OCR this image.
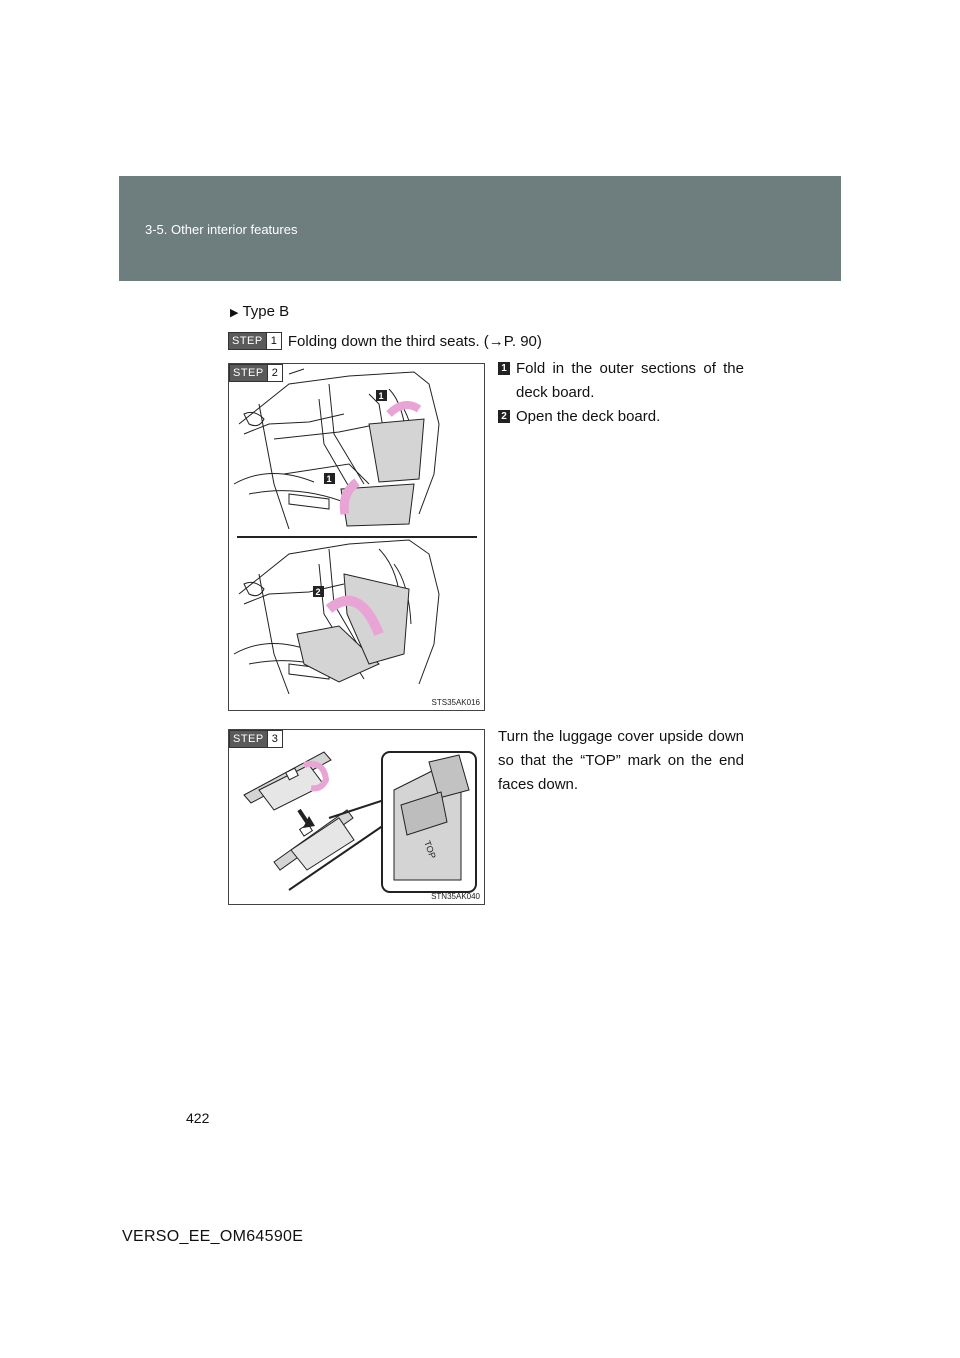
3-5. Other interior features
▶ Type B
STEP 1 Folding down the third seats. (→P. 90)
1
1
2
STEP 2
STS35AK016
TOP
STEP 3
STN35AK040
1 Fold in the outer sections of the deck board.
2 Open the deck board.
Turn the luggage cover upside down so that the “TOP” mark on the end faces down.
422
VERSO_EE_OM64590E
